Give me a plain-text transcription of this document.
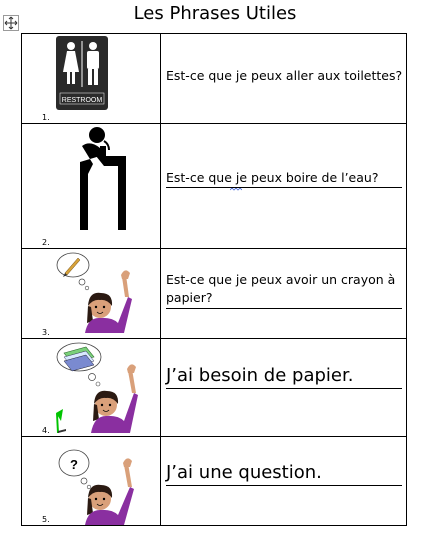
Les Phrases Utiles
RESTROOM
1.	Est-ce que je peux aller aux toilettes?

2.	Est-ce que je peux boire de l’eau?

3.	Est-ce que je peux avoir un crayon à papier?

4.	J’ai besoin de papier.

?
5.	J’ai une question.
